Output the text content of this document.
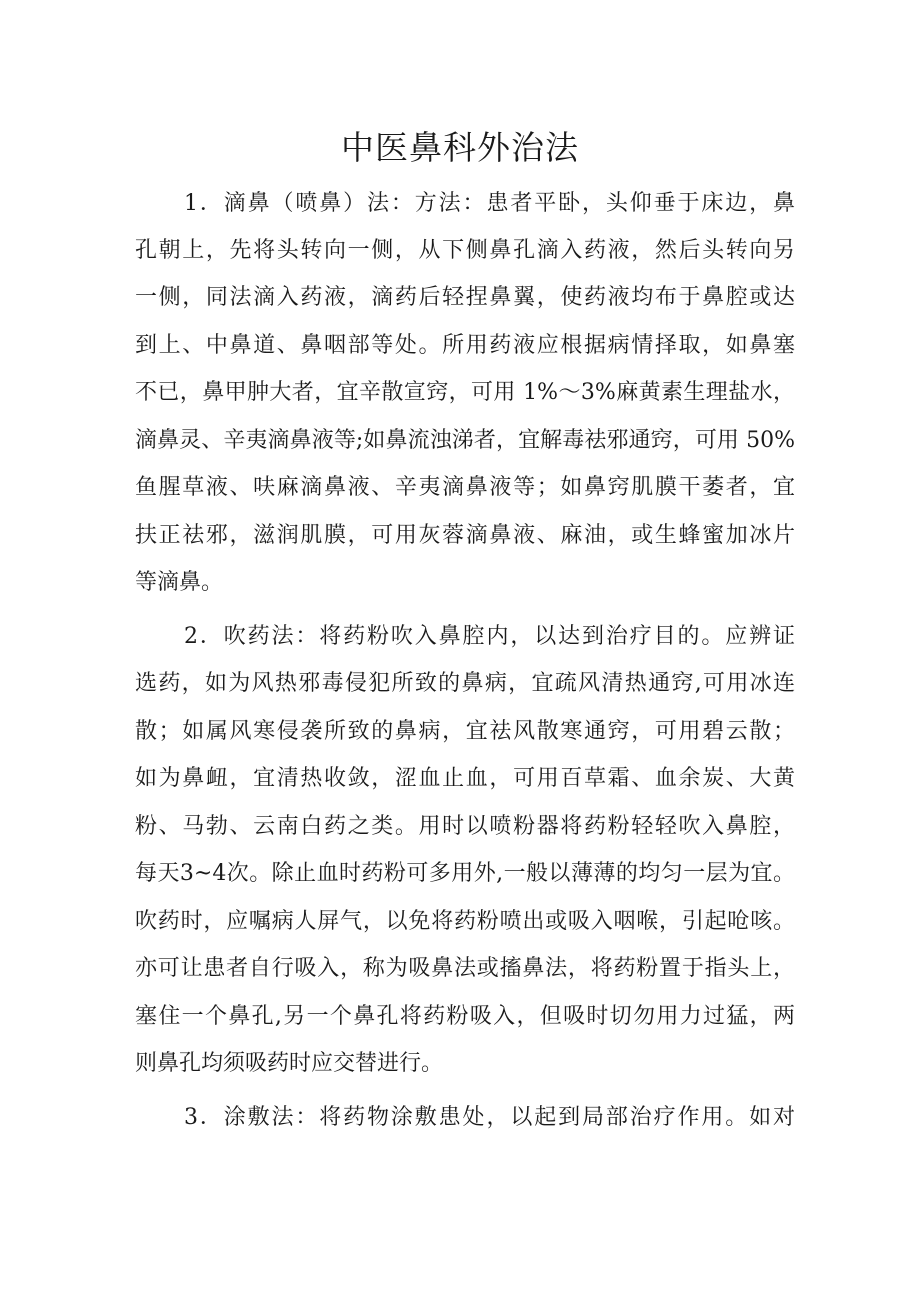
中医鼻科外治法
1．滴鼻（喷鼻）法：方法：患者平卧，头仰垂于床边，鼻
孔朝上，先将头转向一侧，从下侧鼻孔滴入药液，然后头转向另
一侧，同法滴入药液，滴药后轻捏鼻翼，使药液均布于鼻腔或达
到上、中鼻道、鼻咽部等处。所用药液应根据病情择取，如鼻塞
不已，鼻甲肿大者，宜辛散宣窍，可用 1%～3%麻黄素生理盐水，
滴鼻灵、辛夷滴鼻液等;如鼻流浊涕者，宜解毒祛邪通窍，可用 50%
鱼腥草液、呋麻滴鼻液、辛夷滴鼻液等；如鼻窍肌膜干萎者，宜
扶正祛邪，滋润肌膜，可用灰蓉滴鼻液、麻油，或生蜂蜜加冰片
等滴鼻。
2．吹药法：将药粉吹入鼻腔内，以达到治疗目的。应辨证
选药，如为风热邪毒侵犯所致的鼻病，宜疏风清热通窍,可用冰连
散；如属风寒侵袭所致的鼻病，宜祛风散寒通窍，可用碧云散；
如为鼻衄，宜清热收敛，涩血止血，可用百草霜、血余炭、大黄
粉、马勃、云南白药之类。用时以喷粉器将药粉轻轻吹入鼻腔，
每天3~4次。除止血时药粉可多用外,一般以薄薄的均匀一层为宜。
吹药时，应嘱病人屏气，以免将药粉喷出或吸入咽喉，引起呛咳。
亦可让患者自行吸入，称为吸鼻法或搐鼻法，将药粉置于指头上，
塞住一个鼻孔,另一个鼻孔将药粉吸入，但吸时切勿用力过猛，两
则鼻孔均须吸药时应交替进行。
3．涂敷法：将药物涂敷患处，以起到局部治疗作用。如对
